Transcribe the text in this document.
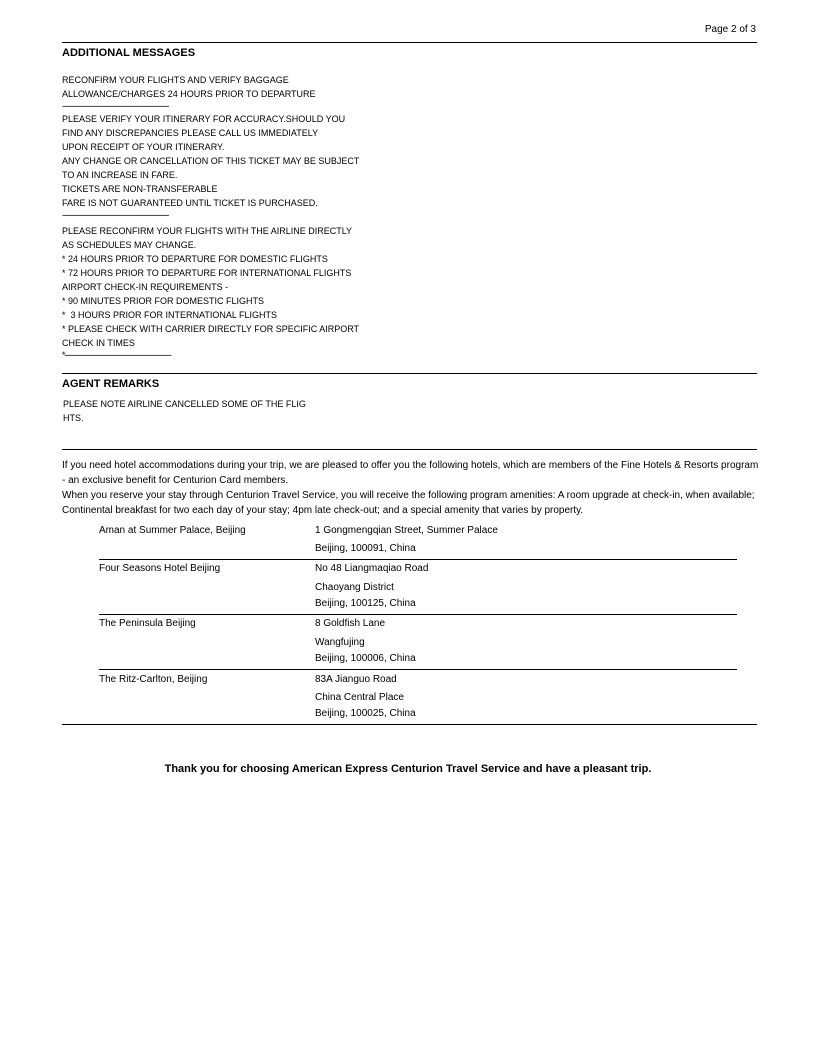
Page 2 of 3
ADDITIONAL MESSAGES
RECONFIRM YOUR FLIGHTS AND VERIFY BAGGAGE
ALLOWANCE/CHARGES 24 HOURS PRIOR TO DEPARTURE
--------------------------------------------------------
PLEASE VERIFY YOUR ITINERARY FOR ACCURACY.SHOULD YOU
FIND ANY DISCREPANCIES PLEASE CALL US IMMEDIATELY
UPON RECEIPT OF YOUR ITINERARY.
ANY CHANGE OR CANCELLATION OF THIS TICKET MAY BE SUBJECT
TO AN INCREASE IN FARE.
TICKETS ARE NON-TRANSFERABLE
FARE IS NOT GUARANTEED UNTIL TICKET IS PURCHASED.
--------------------------------------------------------
PLEASE RECONFIRM YOUR FLIGHTS WITH THE AIRLINE DIRECTLY
AS SCHEDULES MAY CHANGE.
* 24 HOURS PRIOR TO DEPARTURE FOR DOMESTIC FLIGHTS
* 72 HOURS PRIOR TO DEPARTURE FOR INTERNATIONAL FLIGHTS
AIRPORT CHECK-IN REQUIREMENTS -
* 90 MINUTES PRIOR FOR DOMESTIC FLIGHTS
*  3 HOURS PRIOR FOR INTERNATIONAL FLIGHTS
* PLEASE CHECK WITH CARRIER DIRECTLY FOR SPECIFIC AIRPORT
CHECK IN TIMES
*--------------------------------------------------------
AGENT REMARKS
PLEASE NOTE AIRLINE CANCELLED SOME OF THE FLIG
HTS.

If you need hotel accommodations during your trip, we are pleased to offer you the following hotels, which are members of the Fine Hotels & Resorts program - an exclusive benefit for Centurion Card members.

When you reserve your stay through Centurion Travel Service, you will receive the following program amenities: A room upgrade at check-in, when available; Continental breakfast for two each day of your stay; 4pm late check-out; and a special amenity that varies by property.

Aman at Summer Palace, Beijing	1 Gongmengqian Street, Summer Palace
Beijing, 100091, China
Four Seasons Hotel Beijing	No 48 Liangmaqiao Road
Chaoyang District
Beijing, 100125, China
The Peninsula Beijing	8 Goldfish Lane
Wangfujing
Beijing, 100006, China
The Ritz-Carlton, Beijing	83A Jianguo Road
China Central Place
Beijing, 100025, China
Thank you for choosing American Express Centurion Travel Service and have a pleasant trip.
